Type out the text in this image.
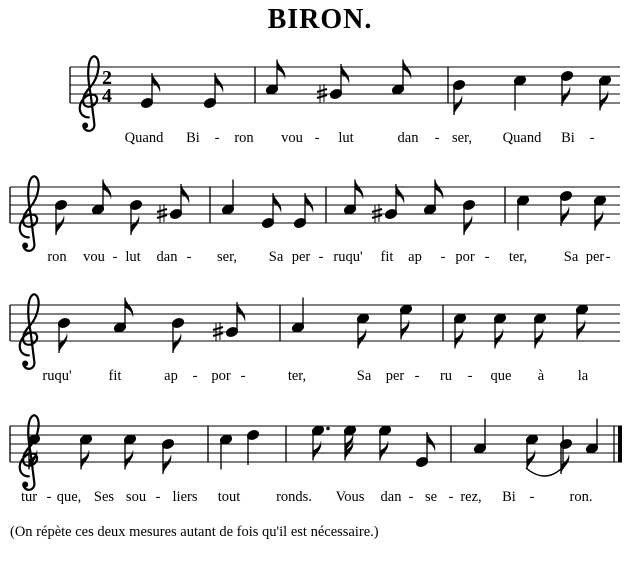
BIRON.
2
4
Quand Bi - ron vou - lut	dan - ser, Quand Bi -
ron vou - lut dan - ser, Sa per - ruqu' fit ap - por - ter,	Sa per -
ruqu'	fit	ap - por -	ter,	Sa per - ru - que à la
tur - que, Ses sou - liers tout ronds. Vous dan - se - rez, Bi - ron.
(On répète ces deux mesures autant de fois qu'il est nécessaire.)
